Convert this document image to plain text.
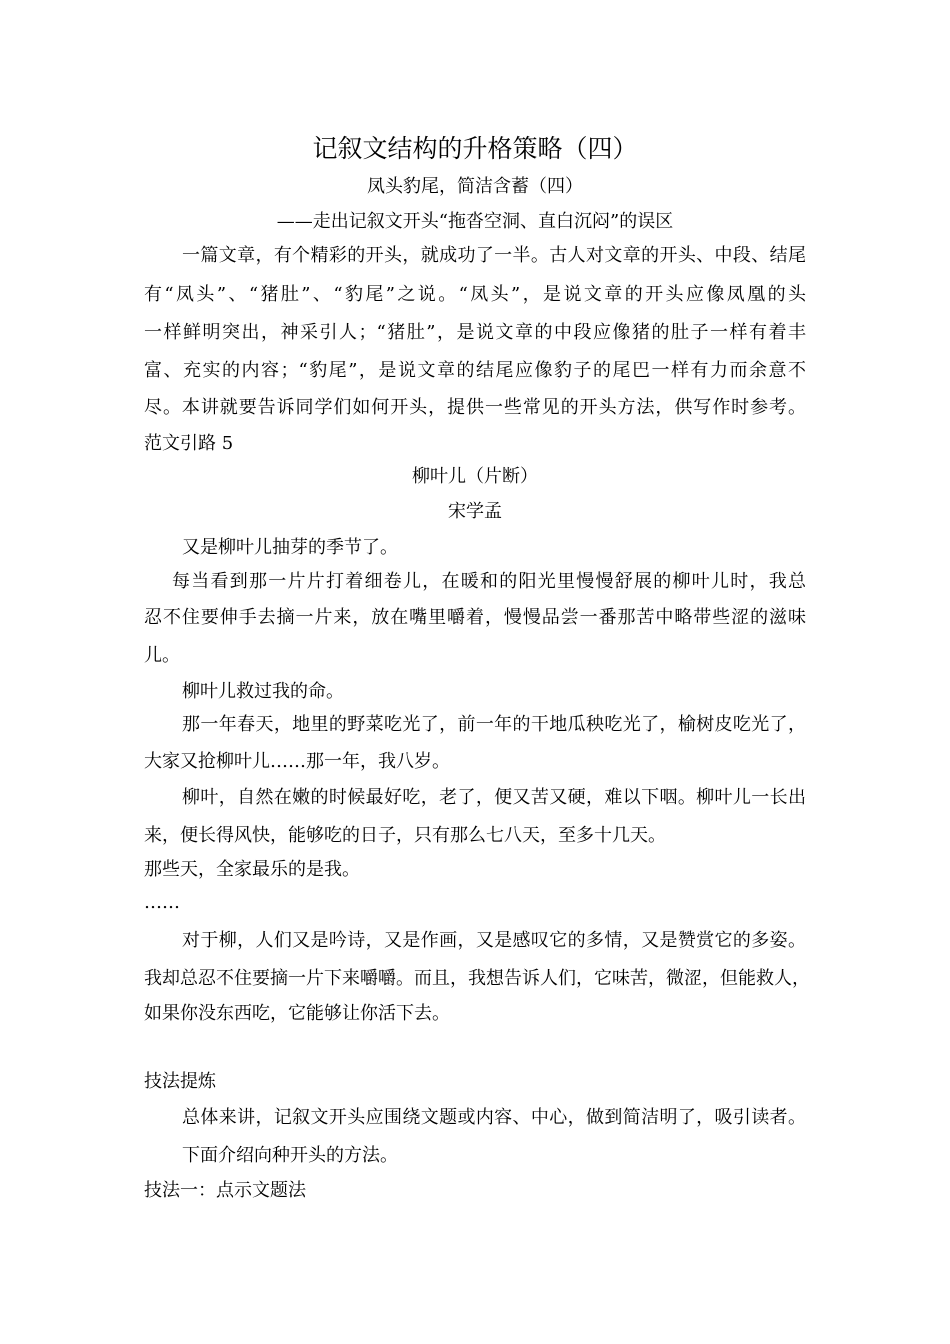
记叙文结构的升格策略（四）
凤头豹尾，简洁含蓄（四）
——走出记叙文开头“拖沓空洞、直白沉闷”的误区
一篇文章，有个精彩的开头，就成功了一半。古人对文章的开头、中段、结尾
有“凤头”、“猪肚”、“豹尾”之说。“凤头”，是说文章的开头应像凤凰的头
一样鲜明突出，神采引人；“猪肚”，是说文章的中段应像猪的肚子一样有着丰
富、充实的内容；“豹尾”，是说文章的结尾应像豹子的尾巴一样有力而余意不
尽。本讲就要告诉同学们如何开头，提供一些常见的开头方法，供写作时参考。
范文引路 5
柳叶儿（片断）
宋学孟
又是柳叶儿抽芽的季节了。
每当看到那一片片打着细卷儿，在暖和的阳光里慢慢舒展的柳叶儿时，我总
忍不住要伸手去摘一片来，放在嘴里嚼着，慢慢品尝一番那苦中略带些涩的滋味
儿。
柳叶儿救过我的命。
那一年春天，地里的野菜吃光了，前一年的干地瓜秧吃光了，榆树皮吃光了，
大家又抢柳叶儿……那一年，我八岁。
柳叶，自然在嫩的时候最好吃，老了，便又苦又硬，难以下咽。柳叶儿一长出
来，便长得风快，能够吃的日子，只有那么七八天，至多十几天。
那些天，全家最乐的是我。
……
对于柳，人们又是吟诗，又是作画，又是感叹它的多情，又是赞赏它的多姿。
我却总忍不住要摘一片下来嚼嚼。而且，我想告诉人们，它味苦，微涩，但能救人，
如果你没东西吃，它能够让你活下去。
技法提炼
总体来讲，记叙文开头应围绕文题或内容、中心，做到简洁明了，吸引读者。
下面介绍向种开头的方法。
技法一：点示文题法
